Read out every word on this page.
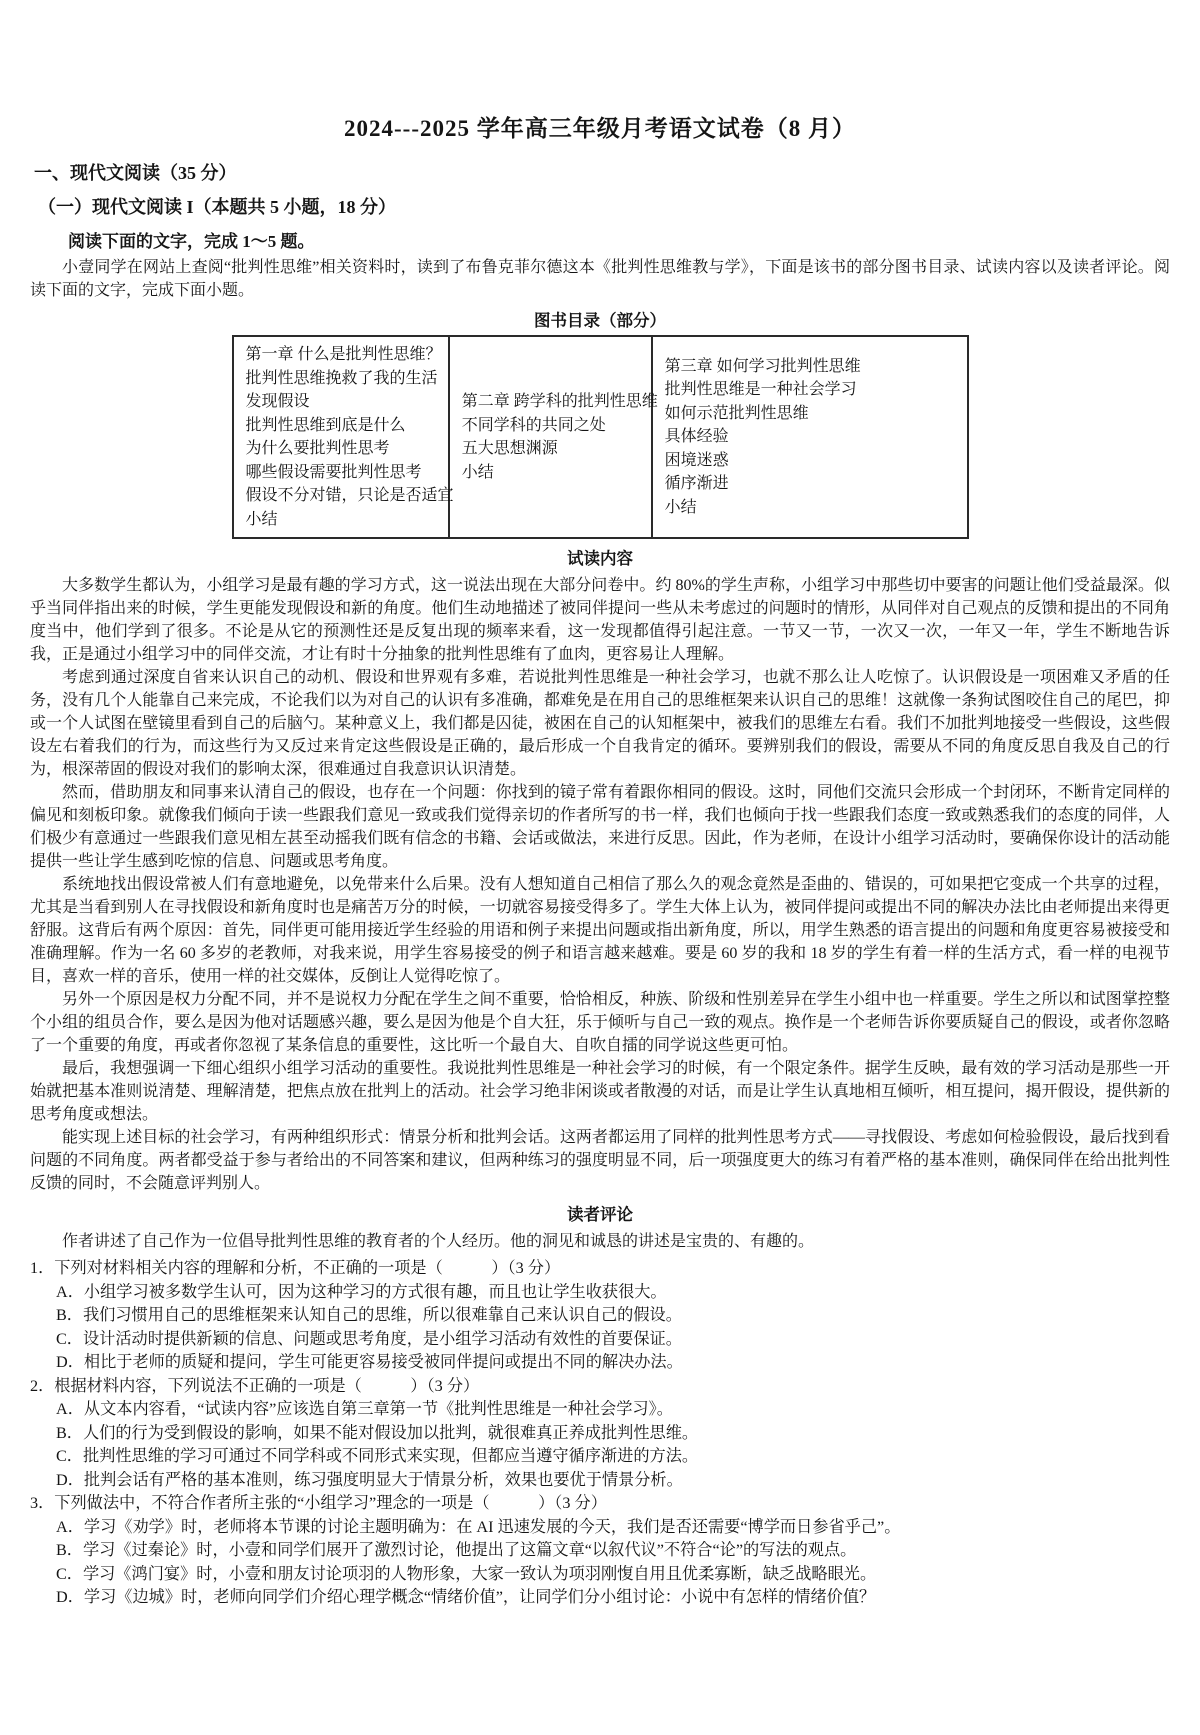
2024---2025 学年高三年级月考语文试卷（8 月）
一、现代文阅读（35 分）
（一）现代文阅读 I（本题共 5 小题，18 分）
阅读下面的文字，完成 1～5 题。

小壹同学在网站上查阅“批判性思维”相关资料时，读到了布鲁克菲尔德这本《批判性思维教与学》，下面是该书的部分图书目录、试读内容以及读者评论。阅读下面的文字，完成下面小题。

图书目录（部分）
第一章 什么是批判性思维？
批判性思维挽救了我的生活
发现假设
批判性思维到底是什么
为什么要批判性思考
哪些假设需要批判性思考
假设不分对错，只论是否适宜
小结

第二章 跨学科的批判性思维
不同学科的共同之处
五大思想渊源
小结

第三章 如何学习批判性思维
批判性思维是一种社会学习
如何示范批判性思维
具体经验
困境迷惑
循序渐进
小结
试读内容

大多数学生都认为，小组学习是最有趣的学习方式，这一说法出现在大部分问卷中。约 80%的学生声称，小组学习中那些切中要害的问题让他们受益最深。似乎当同伴指出来的时候，学生更能发现假设和新的角度。他们生动地描述了被同伴提问一些从未考虑过的问题时的情形，从同伴对自己观点的反馈和提出的不同角度当中，他们学到了很多。不论是从它的预测性还是反复出现的频率来看，这一发现都值得引起注意。一节又一节，一次又一次，一年又一年，学生不断地告诉我，正是通过小组学习中的同伴交流，才让有时十分抽象的批判性思维有了血肉，更容易让人理解。

考虑到通过深度自省来认识自己的动机、假设和世界观有多难，若说批判性思维是一种社会学习，也就不那么让人吃惊了。认识假设是一项困难又矛盾的任务，没有几个人能靠自己来完成，不论我们以为对自己的认识有多准确，都难免是在用自己的思维框架来认识自己的思维！这就像一条狗试图咬住自己的尾巴，抑或一个人试图在壁镜里看到自己的后脑勺。某种意义上，我们都是囚徒，被困在自己的认知框架中，被我们的思维左右看。我们不加批判地接受一些假设，这些假设左右着我们的行为，而这些行为又反过来肯定这些假设是正确的，最后形成一个自我肯定的循环。要辨别我们的假设，需要从不同的角度反思自我及自己的行为，根深蒂固的假设对我们的影响太深，很难通过自我意识认识清楚。

然而，借助朋友和同事来认清自己的假设，也存在一个问题：你找到的镜子常有着跟你相同的假设。这时，同他们交流只会形成一个封闭环，不断肯定同样的偏见和刻板印象。就像我们倾向于读一些跟我们意见一致或我们觉得亲切的作者所写的书一样，我们也倾向于找一些跟我们态度一致或熟悉我们的态度的同伴，人们极少有意通过一些跟我们意见相左甚至动摇我们既有信念的书籍、会话或做法，来进行反思。因此，作为老师，在设计小组学习活动时，要确保你设计的活动能提供一些让学生感到吃惊的信息、问题或思考角度。

系统地找出假设常被人们有意地避免，以免带来什么后果。没有人想知道自己相信了那么久的观念竟然是歪曲的、错误的，可如果把它变成一个共享的过程，尤其是当看到别人在寻找假设和新角度时也是痛苦万分的时候，一切就容易接受得多了。学生大体上认为，被同伴提问或提出不同的解决办法比由老师提出来得更舒服。这背后有两个原因：首先，同伴更可能用接近学生经验的用语和例子来提出问题或指出新角度，所以，用学生熟悉的语言提出的问题和角度更容易被接受和准确理解。作为一名 60 多岁的老教师，对我来说，用学生容易接受的例子和语言越来越难。要是 60 岁的我和 18 岁的学生有着一样的生活方式，看一样的电视节目，喜欢一样的音乐，使用一样的社交媒体，反倒让人觉得吃惊了。

另外一个原因是权力分配不同，并不是说权力分配在学生之间不重要，恰恰相反，种族、阶级和性别差异在学生小组中也一样重要。学生之所以和试图掌控整个小组的组员合作，要么是因为他对话题感兴趣，要么是因为他是个自大狂，乐于倾听与自己一致的观点。换作是一个老师告诉你要质疑自己的假设，或者你忽略了一个重要的角度，再或者你忽视了某条信息的重要性，这比听一个最自大、自吹自擂的同学说这些更可怕。

最后，我想强调一下细心组织小组学习活动的重要性。我说批判性思维是一种社会学习的时候，有一个限定条件。据学生反映，最有效的学习活动是那些一开始就把基本准则说清楚、理解清楚，把焦点放在批判上的活动。社会学习绝非闲谈或者散漫的对话，而是让学生认真地相互倾听，相互提问，揭开假设，提供新的思考角度或想法。

能实现上述目标的社会学习，有两种组织形式：情景分析和批判会话。这两者都运用了同样的批判性思考方式——寻找假设、考虑如何检验假设，最后找到看问题的不同角度。两者都受益于参与者给出的不同答案和建议，但两种练习的强度明显不同，后一项强度更大的练习有着严格的基本准则，确保同伴在给出批判性反馈的同时，不会随意评判别人。

读者评论

作者讲述了自己作为一位倡导批判性思维的教育者的个人经历。他的洞见和诚恳的讲述是宝贵的、有趣的。

1．下列对材料相关内容的理解和分析，不正确的一项是（　　　）（3 分）
A．小组学习被多数学生认可，因为这种学习的方式很有趣，而且也让学生收获很大。
B．我们习惯用自己的思维框架来认知自己的思维，所以很难靠自己来认识自己的假设。
C．设计活动时提供新颖的信息、问题或思考角度，是小组学习活动有效性的首要保证。
D．相比于老师的质疑和提问，学生可能更容易接受被同伴提问或提出不同的解决办法。
2．根据材料内容，下列说法不正确的一项是（　　　）（3 分）
A．从文本内容看，“试读内容”应该选自第三章第一节《批判性思维是一种社会学习》。
B．人们的行为受到假设的影响，如果不能对假设加以批判，就很难真正养成批判性思维。
C．批判性思维的学习可通过不同学科或不同形式来实现，但都应当遵守循序渐进的方法。
D．批判会话有严格的基本准则，练习强度明显大于情景分析，效果也要优于情景分析。
3．下列做法中，不符合作者所主张的“小组学习”理念的一项是（　　　）（3 分）
A．学习《劝学》时，老师将本节课的讨论主题明确为：在 AI 迅速发展的今天，我们是否还需要“博学而日参省乎己”。
B．学习《过秦论》时，小壹和同学们展开了激烈讨论，他提出了这篇文章“以叙代议”不符合“论”的写法的观点。
C．学习《鸿门宴》时，小壹和朋友讨论项羽的人物形象，大家一致认为项羽刚愎自用且优柔寡断，缺乏战略眼光。
D．学习《边城》时，老师向同学们介绍心理学概念“情绪价值”，让同学们分小组讨论：小说中有怎样的情绪价值？
